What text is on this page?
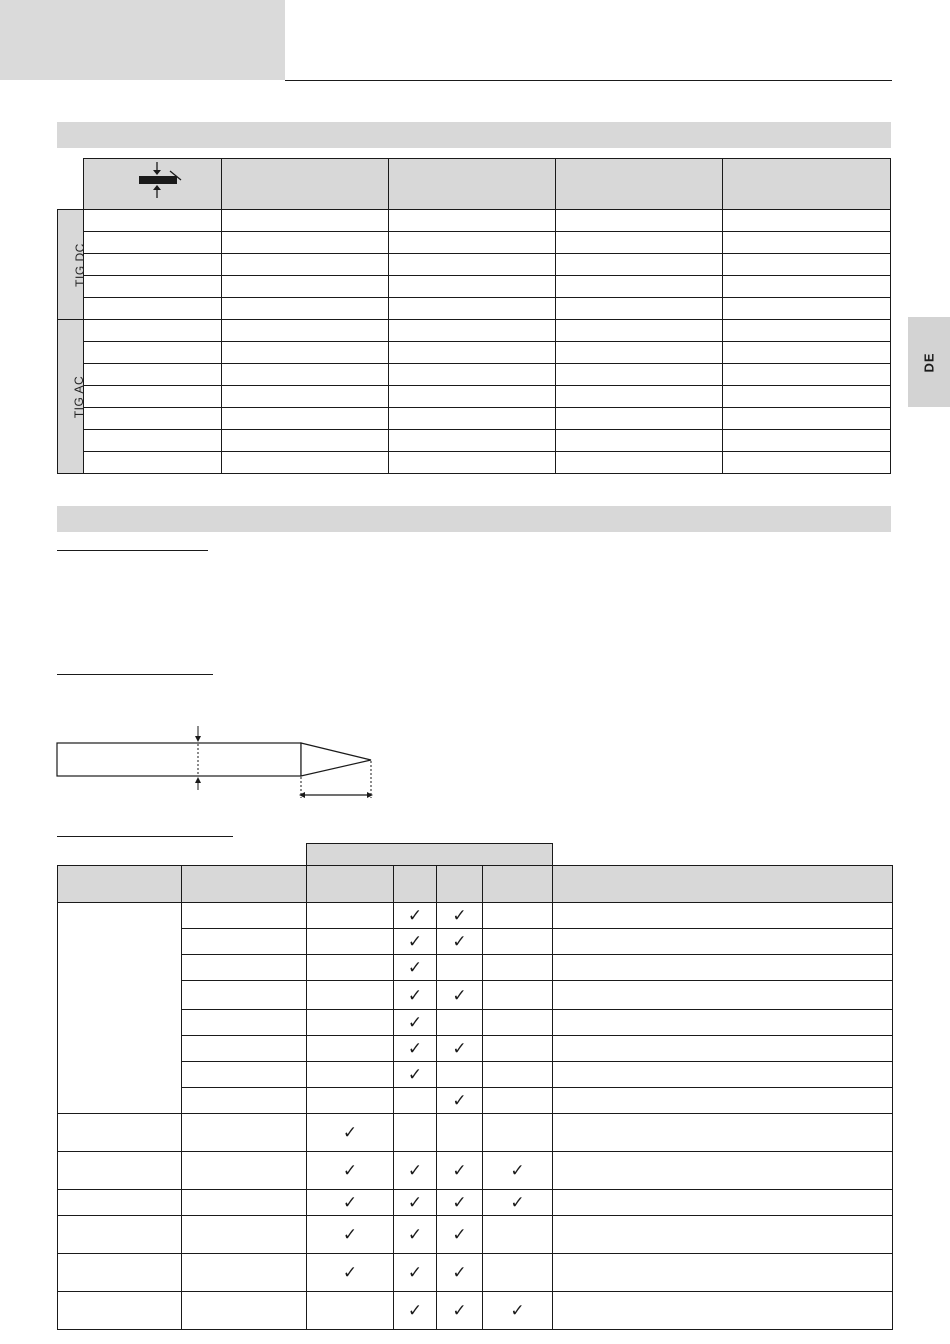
DE

TIG DC					

TIG AC					

			✓	✓		
			✓	✓		
			✓			
			✓	✓		
			✓			
			✓	✓		
			✓			
				✓		
		✓				
		✓	✓	✓	✓	
		✓	✓	✓	✓	
		✓	✓	✓		
		✓	✓	✓		
			✓	✓	✓	
